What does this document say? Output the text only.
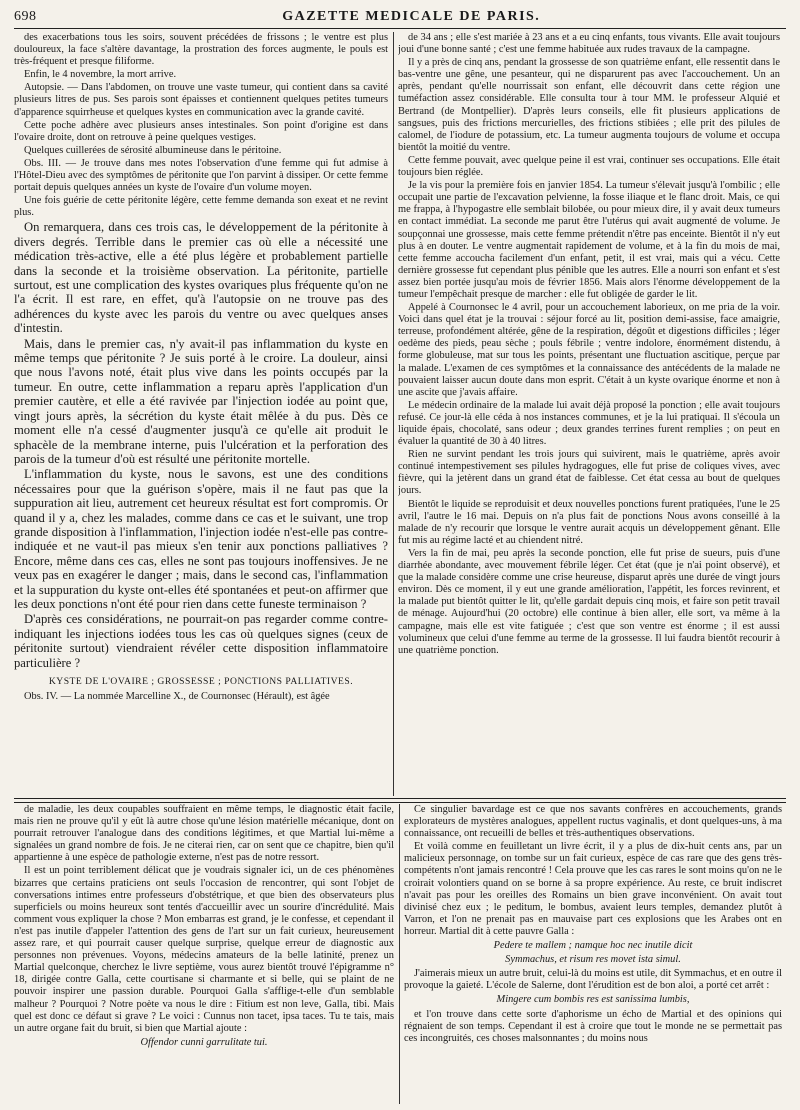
698	GAZETTE MEDICALE DE PARIS.

des exacerbations tous les soirs, souvent précédées de frissons ; le ventre est plus douloureux, la face s'altère davantage, la prostration des forces augmente, le pouls est très-fréquent et presque filiforme.

Enfin, le 4 novembre, la mort arrive.

Autopsie. — Dans l'abdomen, on trouve une vaste tumeur, qui contient dans sa cavité plusieurs litres de pus. Ses parois sont épaisses et contiennent quelques petites tumeurs d'apparence squirrheuse et quelques kystes en communication avec la grande cavité.

Cette poche adhère avec plusieurs anses intestinales. Son point d'origine est dans l'ovaire droite, dont on retrouve à peine quelques vestiges.

Quelques cuillerées de sérosité albumineuse dans le péritoine.

Obs. III. — Je trouve dans mes notes l'observation d'une femme qui fut admise à l'Hôtel-Dieu avec des symptômes de péritonite que l'on parvint à dissiper. Or cette femme portait depuis quelques années un kyste de l'ovaire d'un volume moyen.

Une fois guérie de cette péritonite légère, cette femme demanda son exeat et ne revint plus.

On remarquera, dans ces trois cas, le développement de la péritonite à divers degrés. Terrible dans le premier cas où elle a nécessité une médication très-active, elle a été plus légère et probablement partielle dans la seconde et la troisième observation. La péritonite, partielle surtout, est une complication des kystes ovariques plus fréquente qu'on ne l'a écrit. Il est rare, en effet, qu'à l'autopsie on ne trouve pas des adhérences du kyste avec les parois du ventre ou avec quelques anses d'intestin.

Mais, dans le premier cas, n'y avait-il pas inflammation du kyste en même temps que péritonite ? Je suis porté à le croire. La douleur, ainsi que nous l'avons noté, était plus vive dans les points occupés par la tumeur. En outre, cette inflammation a reparu après l'application d'un premier cautère, et elle a été ravivée par l'injection iodée au point que, vingt jours après, la sécrétion du kyste était mêlée à du pus. Dès ce moment elle n'a cessé d'augmenter jusqu'à ce qu'elle ait produit le sphacèle de la membrane interne, puis l'ulcération et la perforation des parois de la tumeur d'où est résulté une péritonite mortelle.

L'inflammation du kyste, nous le savons, est une des conditions nécessaires pour que la guérison s'opère, mais il ne faut pas que la suppuration ait lieu, autrement cet heureux résultat est fort compromis. Or quand il y a, chez les malades, comme dans ce cas et le suivant, une trop grande disposition à l'inflammation, l'injection iodée n'est-elle pas contre-indiquée et ne vaut-il pas mieux s'en tenir aux ponctions palliatives ? Encore, même dans ces cas, elles ne sont pas toujours inoffensives. Je ne veux pas en exagérer le danger ; mais, dans le second cas, l'inflammation et la suppuration du kyste ont-elles été spontanées et peut-on affirmer que les deux ponctions n'ont été pour rien dans cette funeste terminaison ?

D'après ces considérations, ne pourrait-on pas regarder comme contre-indiquant les injections iodées tous les cas où quelques signes (ceux de péritonite surtout) viendraient révéler cette disposition inflammatoire particulière ?

KYSTE DE L'OVAIRE ; GROSSESSE ; PONCTIONS PALLIATIVES.

Obs. IV. — La nommée Marcelline X., de Cournonsec (Hérault), est âgée

de 34 ans ; elle s'est mariée à 23 ans et a eu cinq enfants, tous vivants. Elle avait toujours joui d'une bonne santé ; c'est une femme habituée aux rudes travaux de la campagne.

Il y a près de cinq ans, pendant la grossesse de son quatrième enfant, elle ressentit dans le bas-ventre une gêne, une pesanteur, qui ne disparurent pas avec l'accouchement. Un an après, pendant qu'elle nourrissait son enfant, elle découvrit dans cette région une tuméfaction assez considérable. Elle consulta tour à tour MM. le professeur Alquié et Bertrand (de Montpellier). D'après leurs conseils, elle fit plusieurs applications de sangsues, puis des frictions mercurielles, des frictions stibiées ; elle prit des pilules de calomel, de l'iodure de potassium, etc. La tumeur augmenta toujours de volume et occupa bientôt la moitié du ventre.

Cette femme pouvait, avec quelque peine il est vrai, continuer ses occupations. Elle était toujours bien réglée.

Je la vis pour la première fois en janvier 1854. La tumeur s'élevait jusqu'à l'ombilic ; elle occupait une partie de l'excavation pelvienne, la fosse iliaque et le flanc droit. Mais, ce qui me frappa, à l'hypogastre elle semblait bilobée, ou pour mieux dire, il y avait deux tumeurs en contact immédiat. La seconde me parut être l'utérus qui avait augmenté de volume. Je soupçonnai une grossesse, mais cette femme prétendit n'être pas enceinte. Bientôt il n'y eut plus à en douter. Le ventre augmentait rapidement de volume, et à la fin du mois de mai, cette femme accoucha facilement d'un enfant, petit, il est vrai, mais qui a vécu. Cette dernière grossesse fut cependant plus pénible que les autres. Elle a nourri son enfant et s'est assez bien portée jusqu'au mois de février 1856. Mais alors l'énorme développement de la tumeur l'empêchait presque de marcher : elle fut obligée de garder le lit.

Appelé à Cournonsec le 4 avril, pour un accouchement laborieux, on me pria de la voir. Voici dans quel état je la trouvai : séjour forcé au lit, position demi-assise, face amaigrie, terreuse, profondément altérée, gêne de la respiration, dégoût et digestions difficiles ; léger oedème des pieds, peau sèche ; pouls fébrile ; ventre indolore, énormément distendu, à forme globuleuse, mat sur tous les points, présentant une fluctuation ascitique, perçue par la malade. L'examen de ces symptômes et la connaissance des antécédents de la malade ne pouvaient laisser aucun doute dans mon esprit. C'était à un kyste ovarique énorme et non à une ascite que j'avais affaire.

Le médecin ordinaire de la malade lui avait déjà proposé la ponction ; elle avait toujours refusé. Ce jour-là elle céda à nos instances communes, et je la lui pratiquai. Il s'écoula un liquide épais, chocolaté, sans odeur ; deux grandes terrines furent remplies ; on peut en évaluer la quantité de 30 à 40 litres.

Rien ne survint pendant les trois jours qui suivirent, mais le quatrième, après avoir continué intempestivement ses pilules hydragogues, elle fut prise de coliques vives, avec fièvre, qui la jetèrent dans un grand état de faiblesse. Cet état cessa au bout de quelques jours.

Bientôt le liquide se reproduisit et deux nouvelles ponctions furent pratiquées, l'une le 25 avril, l'autre le 16 mai. Depuis on n'a plus fait de ponctions Nous avons conseillé à la malade de n'y recourir que lorsque le ventre aurait acquis un développement gênant. Elle fut mis au régime lacté et au chiendent nitré.

Vers la fin de mai, peu après la seconde ponction, elle fut prise de sueurs, puis d'une diarrhée abondante, avec mouvement fébrile léger. Cet état (que je n'ai point observé), et que la malade considère comme une crise heureuse, disparut après une durée de vingt jours environ. Dès ce moment, il y eut une grande amélioration, l'appétit, les forces revinrent, et la malade put bientôt quitter le lit, qu'elle gardait depuis cinq mois, et faire son petit travail de ménage. Aujourd'hui (20 octobre) elle continue à bien aller, elle sort, va même à la campagne, mais elle est vite fatiguée ; c'est que son ventre est énorme ; il est aussi volumineux que celui d'une femme au terme de la grossesse. Il lui faudra bientôt recourir à une quatrième ponction.

de maladie, les deux coupables souffraient en même temps, le diagnostic était facile, mais rien ne prouve qu'il y eût là autre chose qu'une lésion matérielle mécanique, dont on pourrait retrouver l'analogue dans des conditions légitimes, et que Martial lui-même a signalées un grand nombre de fois. Je ne citerai rien, car on sent que ce chapitre, bien qu'il appartienne à une espèce de pathologie externe, n'est pas de notre ressort.

Il est un point terriblement délicat que je voudrais signaler ici, un de ces phénomènes bizarres que certains praticiens ont seuls l'occasion de rencontrer, qui sont l'objet de conversations intimes entre professeurs d'obstétrique, et que bien des observateurs plus superficiels ou moins heureux sont tentés d'accueillir avec un sourire d'incrédulité. Mais comment vous expliquer la chose ? Mon embarras est grand, je le confesse, et cependant il n'est pas inutile d'appeler l'attention des gens de l'art sur un fait curieux, heureusement assez rare, et qui pourrait causer quelque surprise, quelque erreur de diagnostic aux personnes non prévenues. Voyons, médecins amateurs de la belle latinité, prenez un Martial quelconque, cherchez le livre septième, vous aurez bientôt trouvé l'épigramme n° 18, dirigée contre Galla, cette courtisane si charmante et si belle, qui se plaint de ne pouvoir inspirer une passion durable. Pourquoi Galla s'afflige-t-elle d'un semblable malheur ? Pourquoi ? Notre poète va nous le dire : Fitium est non leve, Galla, tibi. Mais quel est donc ce défaut si grave ? Le voici : Cunnus non tacet, ipsa taces. Tu te tais, mais un autre organe fait du bruit, si bien que Martial ajoute :

Offendor cunni garrulitate tui.

Ce singulier bavardage est ce que nos savants confrères en accouchements, grands explorateurs de mystères analogues, appellent ructus vaginalis, et dont quelques-uns, à ma connaissance, ont recueilli de belles et très-authentiques observations.

Et voilà comme en feuilletant un livre écrit, il y a plus de dix-huit cents ans, par un malicieux personnage, on tombe sur un fait curieux, espèce de cas rare que des gens très-compétents n'ont jamais rencontré ! Cela prouve que les cas rares le sont moins qu'on ne le croirait volontiers quand on se borne à sa propre expérience. Au reste, ce bruit indiscret n'avait pas pour les oreilles des Romains un bien grave inconvénient. On avait tout divinisé chez eux ; le peditum, le bombus, avaient leurs temples, demandez plutôt à Varron, et l'on ne prenait pas en mauvaise part ces explosions que les Arabes ont en horreur. Martial dit à cette pauvre Galla :

Pedere te mallem ; namque hoc nec inutile dicit

Symmachus, et risum res movet ista simul.

J'aimerais mieux un autre bruit, celui-là du moins est utile, dit Symmachus, et en outre il provoque la gaieté. L'école de Salerne, dont l'érudition est de bon aloi, a porté cet arrêt :

Mingere cum bombis res est sanissima lumbis,

et l'on trouve dans cette sorte d'aphorisme un écho de Martial et des opinions qui régnaient de son temps. Cependant il est à croire que tout le monde ne se permettait pas ces incongruités, ces choses malsonnantes ; du moins nous
